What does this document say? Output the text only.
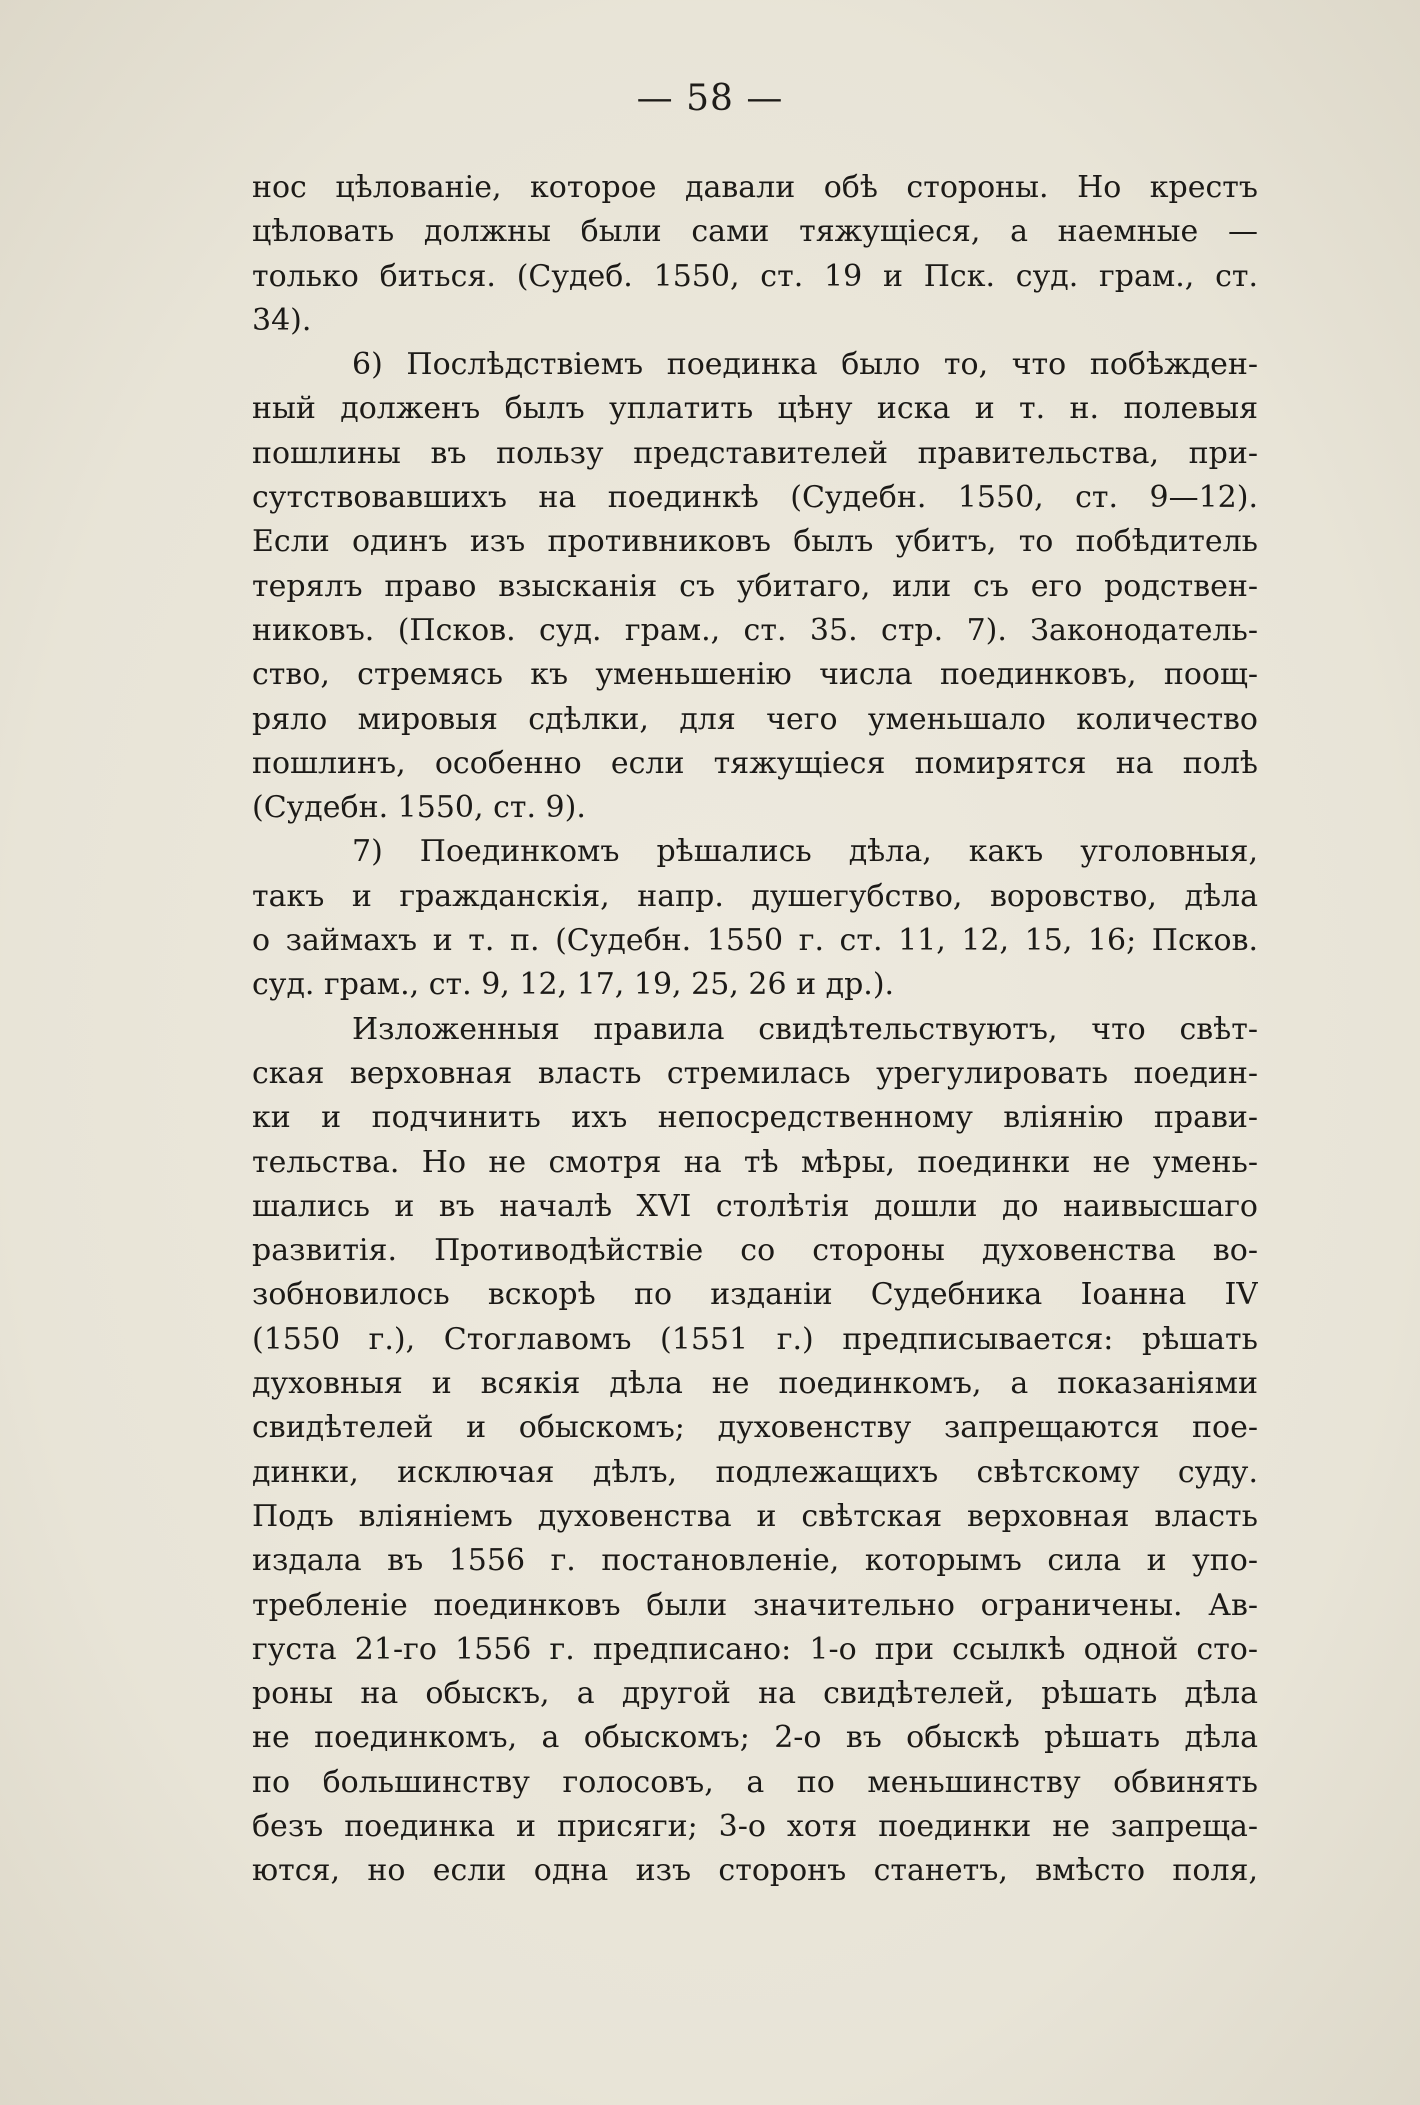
— 58 —
нос цѣлованіе, которое давали обѣ стороны. Но крестъ
цѣловать должны были сами тяжущіеся, а наемные —
только биться. (Судеб. 1550, ст. 19 и Пск. суд. грам., ст.
34).
6) Послѣдствіемъ поединка было то, что побѣжден-
ный долженъ былъ уплатить цѣну иска и т. н. полевыя
пошлины въ пользу представителей правительства, при-
сутствовавшихъ на поединкѣ (Судебн. 1550, ст. 9—12).
Если одинъ изъ противниковъ былъ убитъ, то побѣдитель
терялъ право взысканія съ убитаго, или съ его родствен-
никовъ. (Псков. суд. грам., ст. 35. стр. 7). Законодатель-
ство, стремясь къ уменьшенію числа поединковъ, поощ-
ряло мировыя сдѣлки, для чего уменьшало количество
пошлинъ, особенно если тяжущіеся помирятся на полѣ
(Судебн. 1550, ст. 9).
7) Поединкомъ рѣшались дѣла, какъ уголовныя,
такъ и гражданскія, напр. душегубство, воровство, дѣла
о займахъ и т. п. (Судебн. 1550 г. ст. 11, 12, 15, 16; Псков.
суд. грам., ст. 9, 12, 17, 19, 25, 26 и др.).
Изложенныя правила свидѣтельствуютъ, что свѣт-
ская верховная власть стремилась урегулировать поедин-
ки и подчинить ихъ непосредственному вліянію прави-
тельства. Но не смотря на тѣ мѣры, поединки не умень-
шались и въ началѣ XVI столѣтія дошли до наивысшаго
развитія. Противодѣйствіе со стороны духовенства во-
зобновилось вскорѣ по изданіи Судебника Іоанна IV
(1550 г.), Стоглавомъ (1551 г.) предписывается: рѣшать
духовныя и всякія дѣла не поединкомъ, а показаніями
свидѣтелей и обыскомъ; духовенству запрещаются пое-
динки, исключая дѣлъ, подлежащихъ свѣтскому суду.
Подъ вліяніемъ духовенства и свѣтская верховная власть
издала въ 1556 г. постановленіе, которымъ сила и упо-
требленіе поединковъ были значительно ограничены. Ав-
густа 21-го 1556 г. предписано: 1-о при ссылкѣ одной сто-
роны на обыскъ, а другой на свидѣтелей, рѣшать дѣла
не поединкомъ, а обыскомъ; 2-о въ обыскѣ рѣшать дѣла
по большинству голосовъ, а по меньшинству обвинять
безъ поединка и присяги; 3-о хотя поединки не запреща-
ются, но если одна изъ сторонъ станетъ, вмѣсто поля,
